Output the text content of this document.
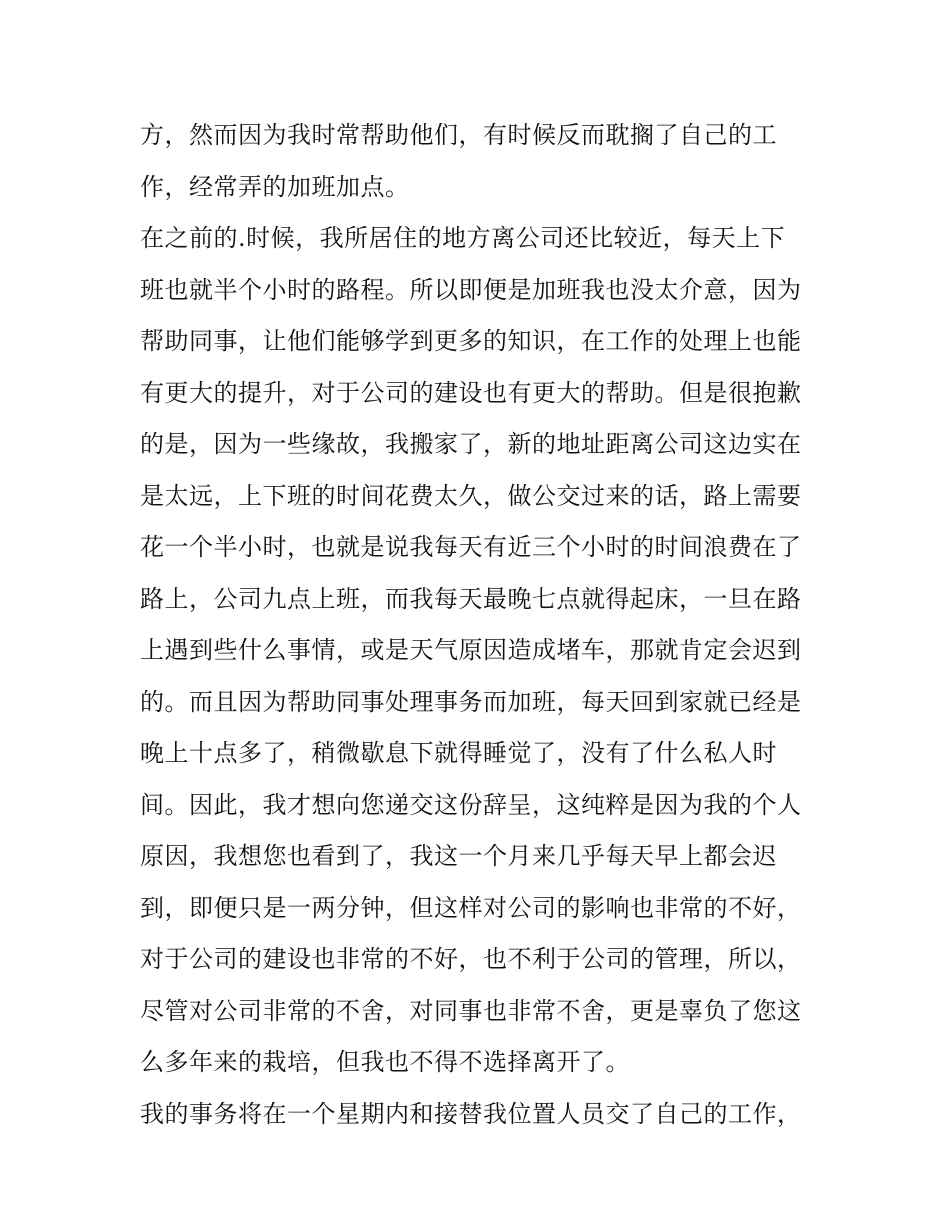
方，然而因为我时常帮助他们，有时候反而耽搁了自己的工
作，经常弄的加班加点。
在之前的.时候，我所居住的地方离公司还比较近，每天上下
班也就半个小时的路程。所以即便是加班我也没太介意，因为
帮助同事，让他们能够学到更多的知识，在工作的处理上也能
有更大的提升，对于公司的建设也有更大的帮助。但是很抱歉
的是，因为一些缘故，我搬家了，新的地址距离公司这边实在
是太远，上下班的时间花费太久，做公交过来的话，路上需要
花一个半小时，也就是说我每天有近三个小时的时间浪费在了
路上，公司九点上班，而我每天最晚七点就得起床，一旦在路
上遇到些什么事情，或是天气原因造成堵车，那就肯定会迟到
的。而且因为帮助同事处理事务而加班，每天回到家就已经是
晚上十点多了，稍微歇息下就得睡觉了，没有了什么私人时
间。因此，我才想向您递交这份辞呈，这纯粹是因为我的个人
原因，我想您也看到了，我这一个月来几乎每天早上都会迟
到，即便只是一两分钟，但这样对公司的影响也非常的不好，
对于公司的建设也非常的不好，也不利于公司的管理，所以，
尽管对公司非常的不舍，对同事也非常不舍，更是辜负了您这
么多年来的栽培，但我也不得不选择离开了。
我的事务将在一个星期内和接替我位置人员交了自己的工作，
